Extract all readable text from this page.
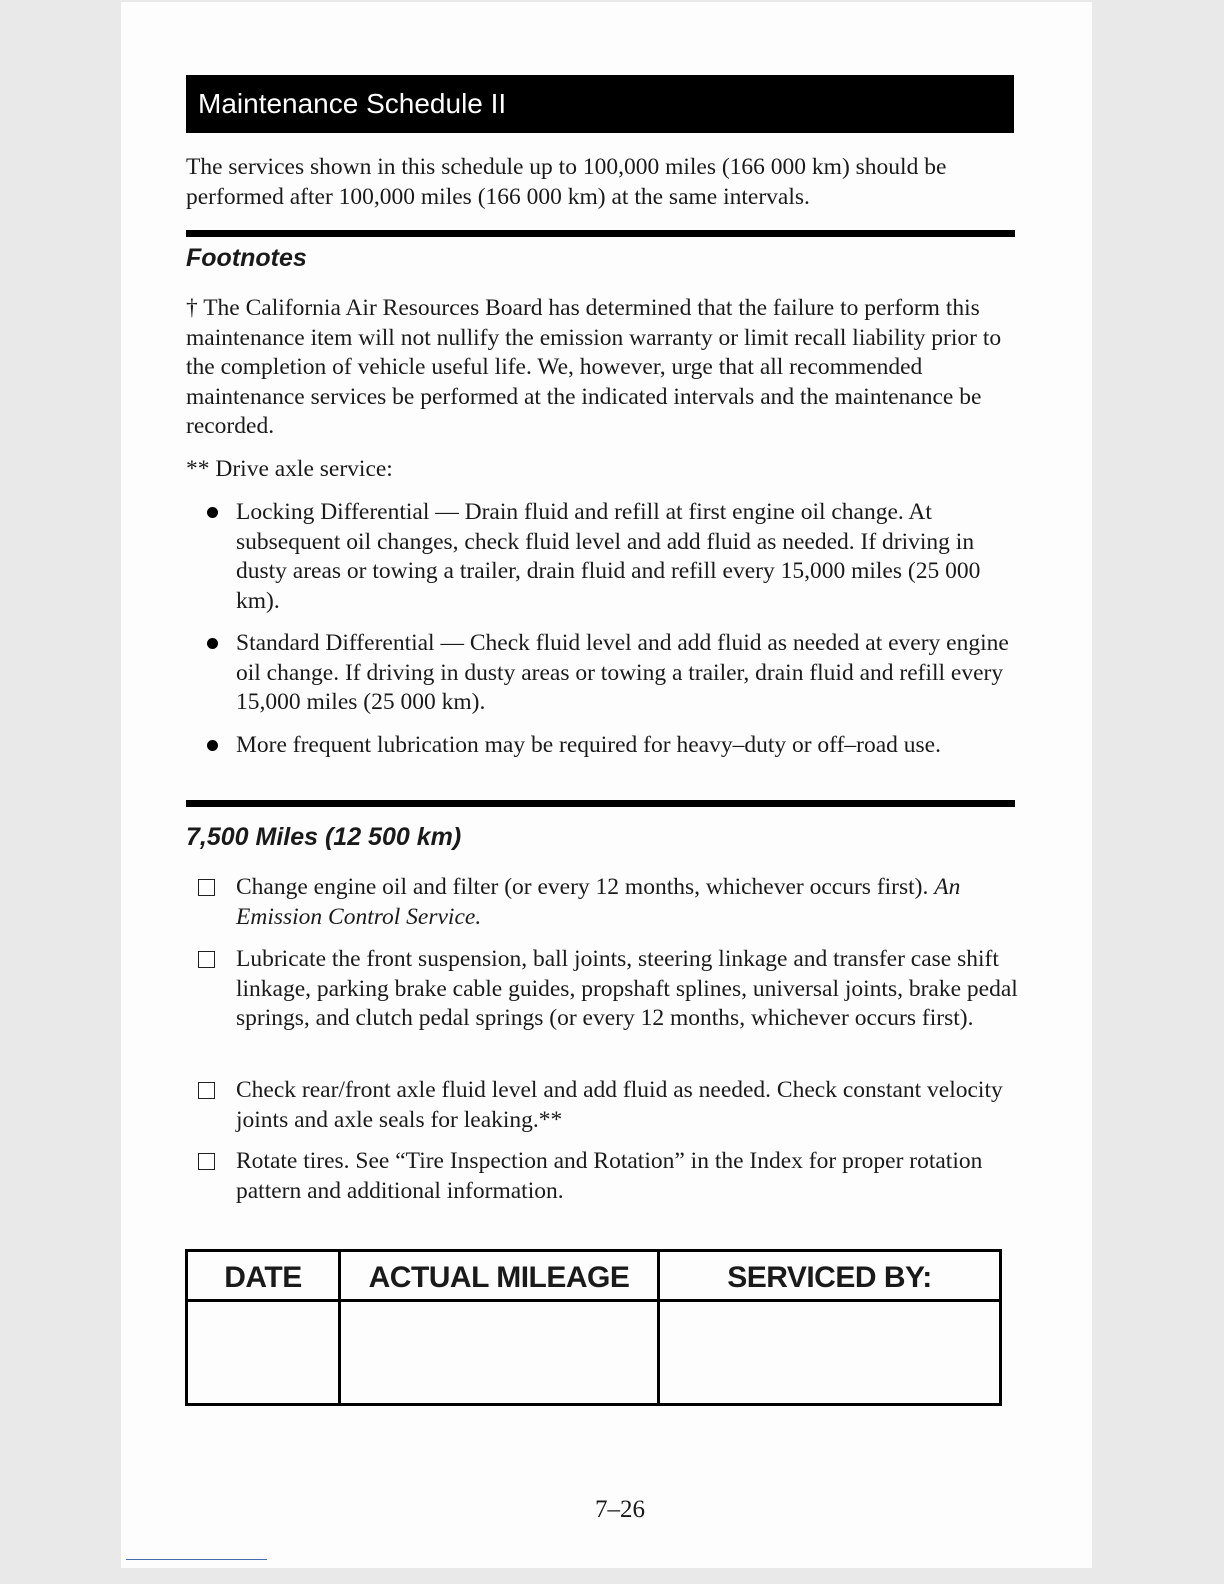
Maintenance Schedule II

The services shown in this schedule up to 100,000 miles (166 000 km) should be performed after 100,000 miles (166 000 km) at the same intervals.

Footnotes

† The California Air Resources Board has determined that the failure to perform this maintenance item will not nullify the emission warranty or limit recall liability prior to the completion of vehicle useful life. We, however, urge that all recommended maintenance services be performed at the indicated intervals and the maintenance be recorded.

** Drive axle service:

Locking Differential — Drain fluid and refill at first engine oil change. At subsequent oil changes, check fluid level and add fluid as needed. If driving in dusty areas or towing a trailer, drain fluid and refill every 15,000 miles (25 000 km).
Standard Differential — Check fluid level and add fluid as needed at every engine oil change. If driving in dusty areas or towing a trailer, drain fluid and refill every 15,000 miles (25 000 km).
More frequent lubrication may be required for heavy–duty or off–road use.
7,500 Miles (12 500 km)
Change engine oil and filter (or every 12 months, whichever occurs first). An Emission Control Service.
Lubricate the front suspension, ball joints, steering linkage and transfer case shift linkage, parking brake cable guides, propshaft splines, universal joints, brake pedal springs, and clutch pedal springs (or every 12 months, whichever occurs first).
Check rear/front axle fluid level and add fluid as needed. Check constant velocity joints and axle seals for leaking.**
Rotate tires. See “Tire Inspection and Rotation” in the Index for proper rotation pattern and additional information.
DATE	ACTUAL MILEAGE	SERVICED BY:
7–26
